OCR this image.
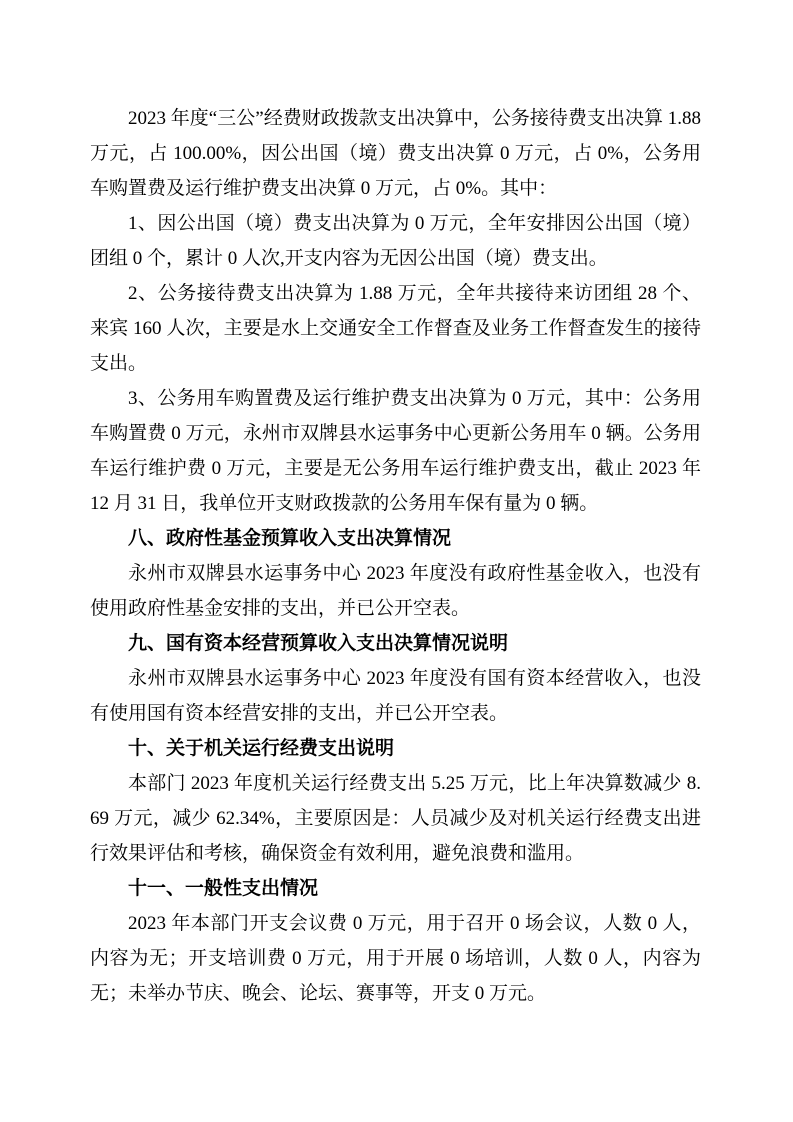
2023 年度“三公”经费财政拨款支出决算中，公务接待费支出决算 1.88 万元，占 100.00%，因公出国（境）费支出决算 0 万元，占 0%，公务用车购置费及运行维护费支出决算 0 万元，占 0%。其中：

1、因公出国（境）费支出决算为 0 万元，全年安排因公出国（境）团组 0 个，累计 0 人次,开支内容为无因公出国（境）费支出。

2、公务接待费支出决算为 1.88 万元，全年共接待来访团组 28 个、来宾 160 人次，主要是水上交通安全工作督查及业务工作督查发生的接待支出。

3、公务用车购置费及运行维护费支出决算为 0 万元，其中：公务用车购置费 0 万元，永州市双牌县水运事务中心更新公务用车 0 辆。公务用车运行维护费 0 万元，主要是无公务用车运行维护费支出，截止 2023 年 12 月 31 日，我单位开支财政拨款的公务用车保有量为 0 辆。

八、政府性基金预算收入支出决算情况

永州市双牌县水运事务中心 2023 年度没有政府性基金收入，也没有使用政府性基金安排的支出，并已公开空表。

九、国有资本经营预算收入支出决算情况说明

永州市双牌县水运事务中心 2023 年度没有国有资本经营收入，也没有使用国有资本经营安排的支出，并已公开空表。

十、关于机关运行经费支出说明

本部门 2023 年度机关运行经费支出 5.25 万元，比上年决算数减少 8.69 万元，减少 62.34%，主要原因是：人员减少及对机关运行经费支出进行效果评估和考核，确保资金有效利用，避免浪费和滥用。

十一、一般性支出情况

2023 年本部门开支会议费 0 万元，用于召开 0 场会议，人数 0 人，内容为无；开支培训费 0 万元，用于开展 0 场培训，人数 0 人，内容为无；未举办节庆、晚会、论坛、赛事等，开支 0 万元。
